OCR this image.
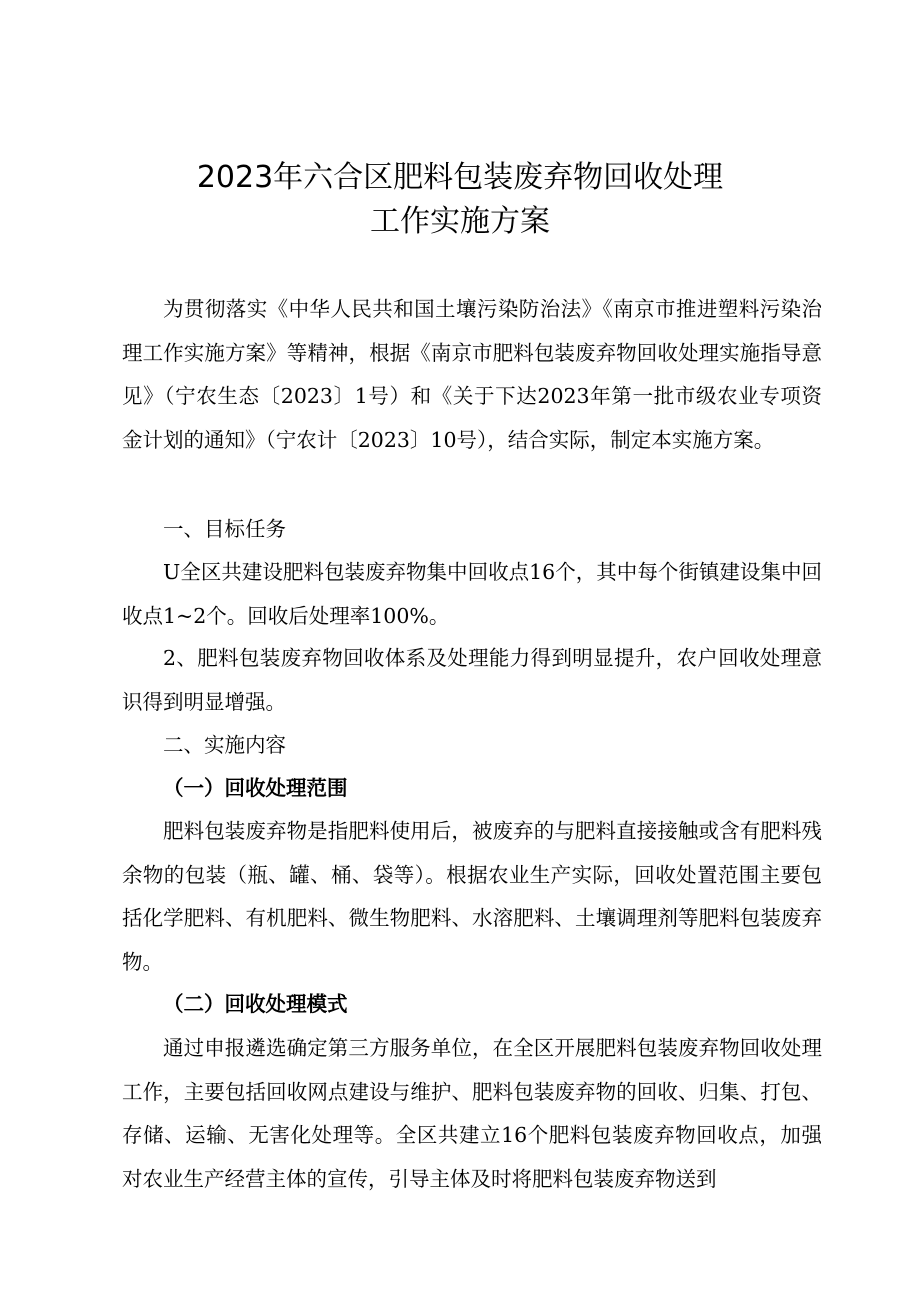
2023年六合区肥料包装废弃物回收处理
工作实施方案

为贯彻落实《中华人民共和国土壤污染防治法》《南京市推进塑料污染治理工作实施方案》等精神，根据《南京市肥料包装废弃物回收处理实施指导意见》（宁农生态〔2023〕1号）和《关于下达2023年第一批市级农业专项资金计划的通知》（宁农计〔2023〕10号），结合实际，制定本实施方案。

一、目标任务

U全区共建设肥料包装废弃物集中回收点16个，其中每个街镇建设集中回收点1~2个。回收后处理率100%。

2、肥料包装废弃物回收体系及处理能力得到明显提升，农户回收处理意识得到明显增强。

二、实施内容

（一）回收处理范围

肥料包装废弃物是指肥料使用后，被废弃的与肥料直接接触或含有肥料残余物的包装（瓶、罐、桶、袋等）。根据农业生产实际，回收处置范围主要包括化学肥料、有机肥料、微生物肥料、水溶肥料、土壤调理剂等肥料包装废弃物。

（二）回收处理模式

通过申报遴选确定第三方服务单位，在全区开展肥料包装废弃物回收处理工作，主要包括回收网点建设与维护、肥料包装废弃物的回收、归集、打包、存储、运输、无害化处理等。全区共建立16个肥料包装废弃物回收点，加强对农业生产经营主体的宣传，引导主体及时将肥料包装废弃物送到
